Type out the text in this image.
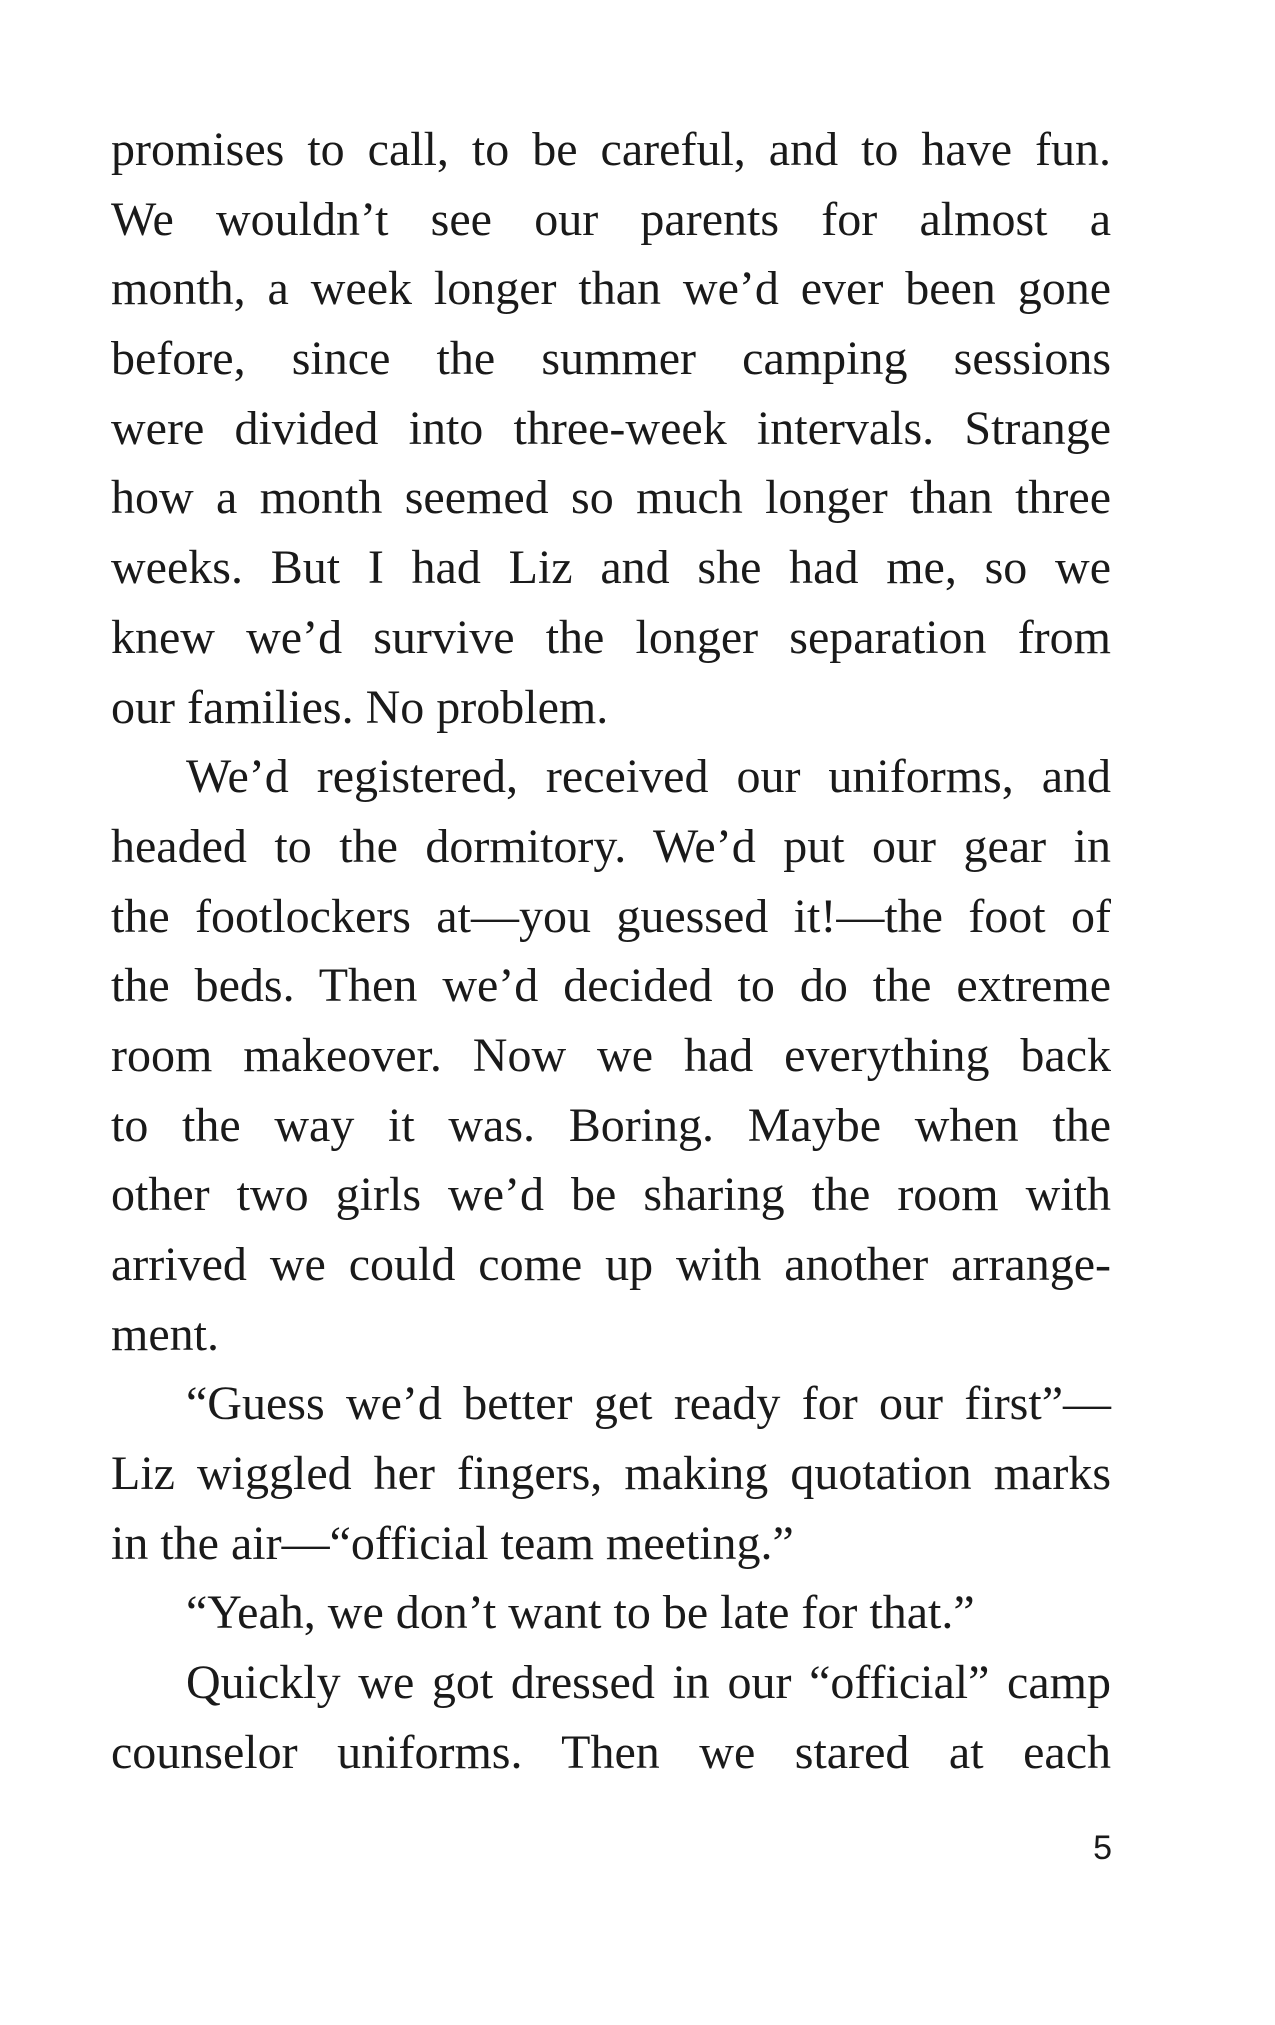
promises to call, to be careful, and to have fun.
We wouldn’t see our parents for almost a
month, a week longer than we’d ever been gone
before, since the summer camping sessions
were divided into three-week intervals. Strange
how a month seemed so much longer than three
weeks. But I had Liz and she had me, so we
knew we’d survive the longer separation from
our families. No problem.
We’d registered, received our uniforms, and
headed to the dormitory. We’d put our gear in
the footlockers at—you guessed it!—the foot of
the beds. Then we’d decided to do the extreme
room makeover. Now we had everything back
to the way it was. Boring. Maybe when the
other two girls we’d be sharing the room with
arrived we could come up with another arrange-
ment.
“Guess we’d better get ready for our first”—
Liz wiggled her fingers, making quotation marks
in the air—“official team meeting.”
“Yeah, we don’t want to be late for that.”
Quickly we got dressed in our “official” camp
counselor uniforms. Then we stared at each
5
